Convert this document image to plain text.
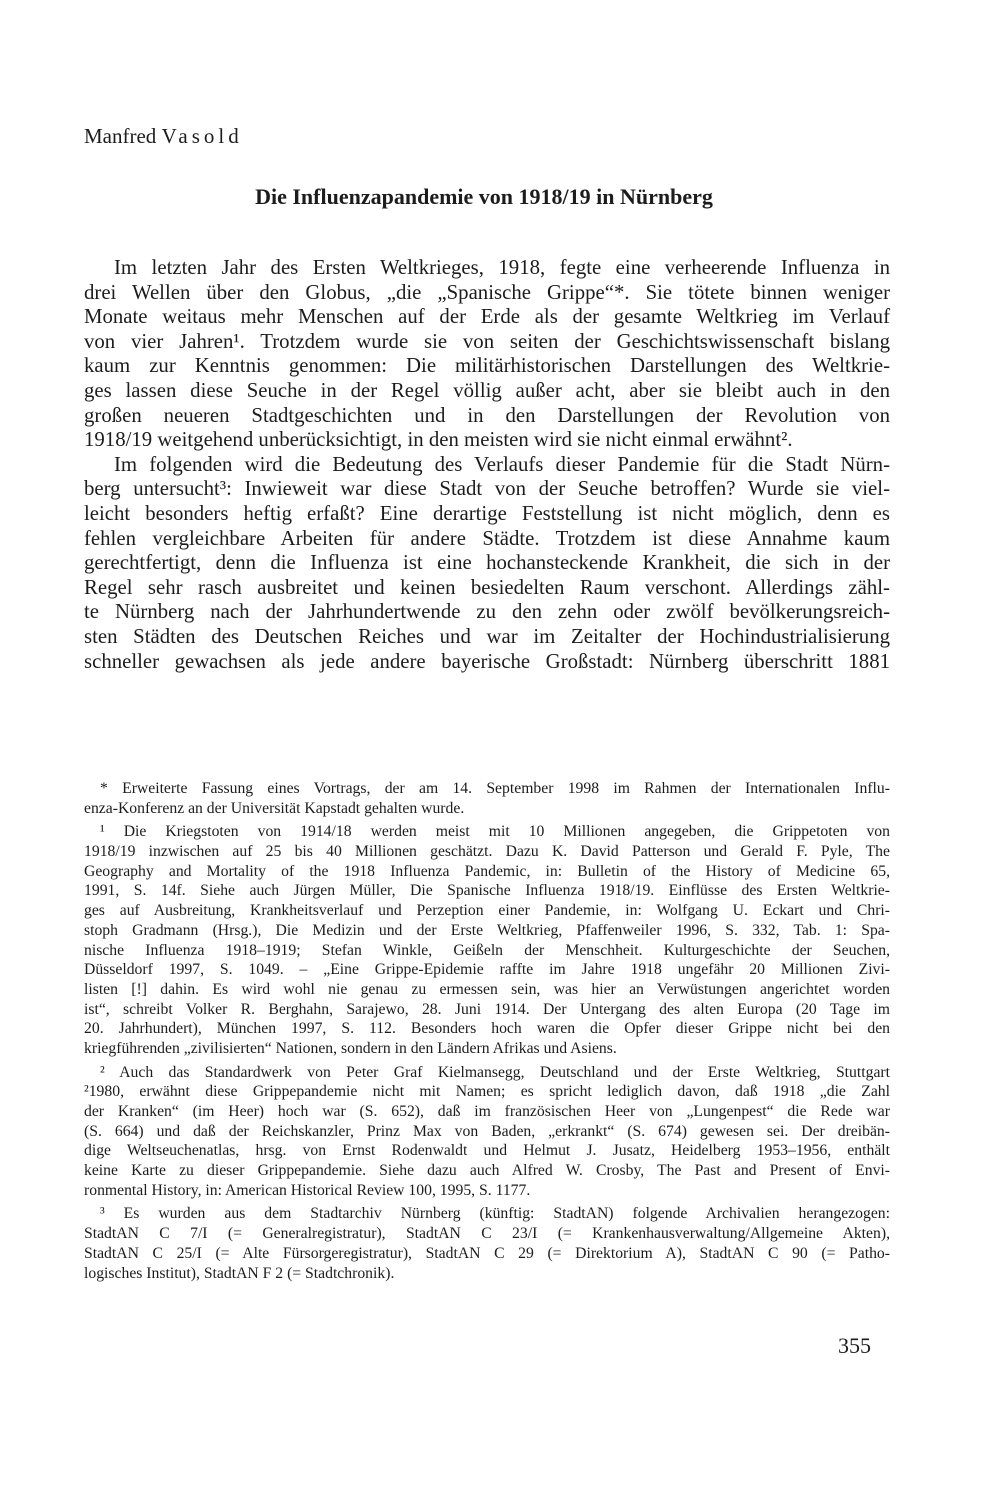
Manfred Vasold
Die Influenzapandemie von 1918/19 in Nürnberg
Im letzten Jahr des Ersten Weltkrieges, 1918, fegte eine verheerende Influenza in
drei Wellen über den Globus, „die „Spanische Grippe“*. Sie tötete binnen weniger
Monate weitaus mehr Menschen auf der Erde als der gesamte Weltkrieg im Verlauf
von vier Jahren¹. Trotzdem wurde sie von seiten der Geschichtswissenschaft bislang
kaum zur Kenntnis genommen: Die militärhistorischen Darstellungen des Weltkrie-
ges lassen diese Seuche in der Regel völlig außer acht, aber sie bleibt auch in den
großen neueren Stadtgeschichten und in den Darstellungen der Revolution von
1918/19 weitgehend unberücksichtigt, in den meisten wird sie nicht einmal erwähnt².
Im folgenden wird die Bedeutung des Verlaufs dieser Pandemie für die Stadt Nürn-
berg untersucht³: Inwieweit war diese Stadt von der Seuche betroffen? Wurde sie viel-
leicht besonders heftig erfaßt? Eine derartige Feststellung ist nicht möglich, denn es
fehlen vergleichbare Arbeiten für andere Städte. Trotzdem ist diese Annahme kaum
gerechtfertigt, denn die Influenza ist eine hochansteckende Krankheit, die sich in der
Regel sehr rasch ausbreitet und keinen besiedelten Raum verschont. Allerdings zähl-
te Nürnberg nach der Jahrhundertwende zu den zehn oder zwölf bevölkerungsreich-
sten Städten des Deutschen Reiches und war im Zeitalter der Hochindustrialisierung
schneller gewachsen als jede andere bayerische Großstadt: Nürnberg überschritt 1881
* Erweiterte Fassung eines Vortrags, der am 14. September 1998 im Rahmen der Internationalen Influ-
enza-Konferenz an der Universität Kapstadt gehalten wurde.
¹ Die Kriegstoten von 1914/18 werden meist mit 10 Millionen angegeben, die Grippetoten von
1918/19 inzwischen auf 25 bis 40 Millionen geschätzt. Dazu K. David Patterson und Gerald F. Pyle, The
Geography and Mortality of the 1918 Influenza Pandemic, in: Bulletin of the History of Medicine 65,
1991, S. 14f. Siehe auch Jürgen Müller, Die Spanische Influenza 1918/19. Einflüsse des Ersten Weltkrie-
ges auf Ausbreitung, Krankheitsverlauf und Perzeption einer Pandemie, in: Wolfgang U. Eckart und Chri-
stoph Gradmann (Hrsg.), Die Medizin und der Erste Weltkrieg, Pfaffenweiler 1996, S. 332, Tab. 1: Spa-
nische Influenza 1918–1919; Stefan Winkle, Geißeln der Menschheit. Kulturgeschichte der Seuchen,
Düsseldorf 1997, S. 1049. – „Eine Grippe-Epidemie raffte im Jahre 1918 ungefähr 20 Millionen Zivi-
listen [!] dahin. Es wird wohl nie genau zu ermessen sein, was hier an Verwüstungen angerichtet worden
ist“, schreibt Volker R. Berghahn, Sarajewo, 28. Juni 1914. Der Untergang des alten Europa (20 Tage im
20. Jahrhundert), München 1997, S. 112. Besonders hoch waren die Opfer dieser Grippe nicht bei den
kriegführenden „zivilisierten“ Nationen, sondern in den Ländern Afrikas und Asiens.
² Auch das Standardwerk von Peter Graf Kielmansegg, Deutschland und der Erste Weltkrieg, Stuttgart
²1980, erwähnt diese Grippepandemie nicht mit Namen; es spricht lediglich davon, daß 1918 „die Zahl
der Kranken“ (im Heer) hoch war (S. 652), daß im französischen Heer von „Lungenpest“ die Rede war
(S. 664) und daß der Reichskanzler, Prinz Max von Baden, „erkrankt“ (S. 674) gewesen sei. Der dreibän-
dige Weltseuchenatlas, hrsg. von Ernst Rodenwaldt und Helmut J. Jusatz, Heidelberg 1953–1956, enthält
keine Karte zu dieser Grippepandemie. Siehe dazu auch Alfred W. Crosby, The Past and Present of Envi-
ronmental History, in: American Historical Review 100, 1995, S. 1177.
³ Es wurden aus dem Stadtarchiv Nürnberg (künftig: StadtAN) folgende Archivalien herangezogen:
StadtAN C 7/I (= Generalregistratur), StadtAN C 23/I (= Krankenhausverwaltung/Allgemeine Akten),
StadtAN C 25/I (= Alte Fürsorgeregistratur), StadtAN C 29 (= Direktorium A), StadtAN C 90 (= Patho-
logisches Institut), StadtAN F 2 (= Stadtchronik).
355
